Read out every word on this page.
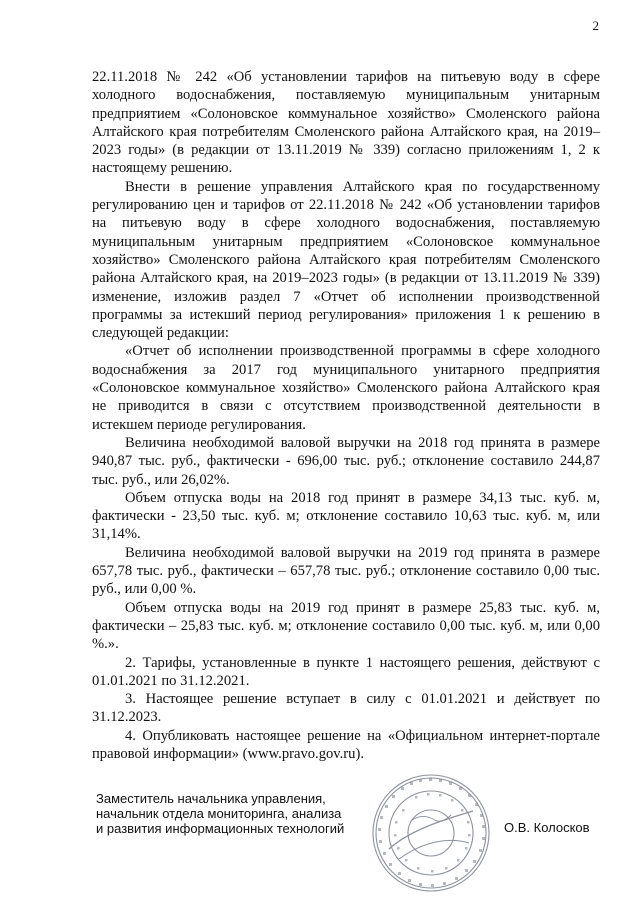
2

22.11.2018 № 242 «Об установлении тарифов на питьевую воду в сфере холодного водоснабжения, поставляемую муниципальным унитарным предприятием «Солоновское коммунальное хозяйство» Смоленского района Алтайского края потребителям Смоленского района Алтайского края, на 2019–2023 годы» (в редакции от 13.11.2019 № 339) согласно приложениям 1, 2 к настоящему решению.

Внести в решение управления Алтайского края по государственному регулированию цен и тарифов от 22.11.2018 № 242 «Об установлении тарифов на питьевую воду в сфере холодного водоснабжения, поставляемую муниципальным унитарным предприятием «Солоновское коммунальное хозяйство» Смоленского района Алтайского края потребителям Смоленского района Алтайского края, на 2019–2023 годы» (в редакции от 13.11.2019 № 339) изменение, изложив раздел 7 «Отчет об исполнении производственной программы за истекший период регулирования» приложения 1 к решению в следующей редакции:

«Отчет об исполнении производственной программы в сфере холодного водоснабжения за 2017 год муниципального унитарного предприятия «Солоновское коммунальное хозяйство» Смоленского района Алтайского края не приводится в связи с отсутствием производственной деятельности в истекшем периоде регулирования.

Величина необходимой валовой выручки на 2018 год принята в размере 940,87 тыс. руб., фактически - 696,00 тыс. руб.; отклонение составило 244,87 тыс. руб., или 26,02%.

Объем отпуска воды на 2018 год принят в размере 34,13 тыс. куб. м, фактически - 23,50 тыс. куб. м; отклонение составило 10,63 тыс. куб. м, или 31,14%.

Величина необходимой валовой выручки на 2019 год принята в размере 657,78 тыс. руб., фактически – 657,78 тыс. руб.; отклонение составило 0,00 тыс. руб., или 0,00 %.

Объем отпуска воды на 2019 год принят в размере 25,83 тыс. куб. м, фактически – 25,83 тыс. куб. м; отклонение составило 0,00 тыс. куб. м, или 0,00 %.».

2. Тарифы, установленные в пункте 1 настоящего решения, действуют с 01.01.2021 по 31.12.2021.

3. Настоящее решение вступает в силу с 01.01.2021 и действует по 31.12.2023.

4. Опубликовать настоящее решение на «Официальном интернет-портале правовой информации» (www.pravo.gov.ru).

Заместитель начальника управления,
начальник отдела мониторинга, анализа
и развития информационных технологий	О.В. Колосков
